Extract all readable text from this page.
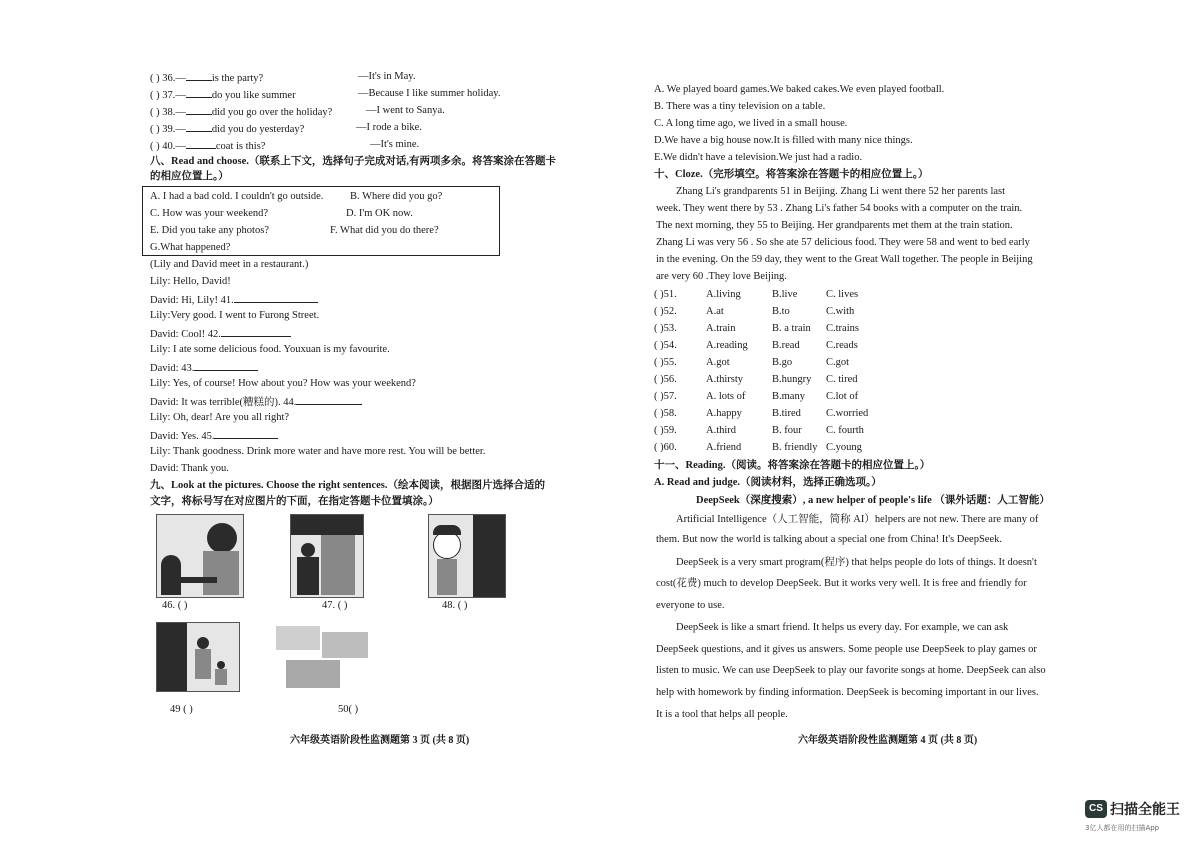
( ) 36.— is the party?	—It's in May.
( ) 37.— do you like summer	—Because I like summer holiday.
( ) 38.— did you go over the holiday?	—I went to Sanya.
( ) 39.— did you do yesterday?	—I rode a bike.
( ) 40.—	coat is this?	—It's mine.
八、Read and choose.（联系上下文，选择句子完成对话,有两项多余。将答案涂在答题卡
的相应位置上。）
A. I had a bad cold. I couldn't go outside.	B. Where did you go?
C. How was your weekend?	D. I'm OK now.
E. Did you take any photos?	F. What did you do there?
G.What happened?
(Lily and David meet in a restaurant.)
Lily: Hello, David!
David: Hi, Lily! 41.
Lily:Very good. I went to Furong Street.
David: Cool! 42.
Lily: I ate some delicious food. Youxuan is my favourite.
David: 43.
Lily: Yes, of course! How about you? How was your weekend?
David: It was terrible(糟糕的). 44.
Lily: Oh, dear! Are you all right?
David: Yes. 45.
Lily: Thank goodness. Drink more water and have more rest. You will be better.
David: Thank you.
九、Look at the pictures. Choose the right sentences.（绘本阅读，根据图片选择合适的
文字，将标号写在对应图片的下面，在指定答题卡位置填涂。）
46. ( )	47. ( )	48. ( )
49 ( )	50( )
六年级英语阶段性监测题第 3 页 (共 8 页)
A. We played board games.We baked cakes.We even played football.
B. There was a tiny television on a table.
C. A long time ago, we lived in a small house.
D.We have a big house now.It is filled with many nice things.
E.We didn't have a television.We just had a radio.
十、Cloze.（完形填空。将答案涂在答题卡的相应位置上。）
Zhang Li's grandparents 51 in Beijing. Zhang Li went there 52 her parents last
week. They went there by 53 . Zhang Li's father 54 books with a computer on the train.
The next morning, they 55 to Beijing. Her grandparents met them at the train station.
Zhang Li was very 56 . So she ate 57 delicious food. They were 58 and went to bed early
in the evening. On the 59 day, they went to the Great Wall together. The people in Beijing
are very 60 .They love Beijing.
( )51.	A.living	B.live	C. lives
( )52.	A.at	B.to	C.with
( )53.	A.train	B. a train C.trains
( )54.	A.reading B.read	C.reads
( )55.	A.got	B.go	C.got
( )56.	A.thirsty	B.hungry C. tired
( )57.	A. lots of	B.many C.lot of
( )58.	A.happy	B.tired C.worried
( )59.	A.third	B. four C. fourth
( )60.	A.friend	B. friendly C.young
十一、Reading.（阅读。将答案涂在答题卡的相应位置上。）
A. Read and judge.（阅读材料，选择正确选项。）
DeepSeek（深度搜索）, a new helper of people's life （课外话题：人工智能）
Artificial Intelligence（人工智能，简称 AI）helpers are not new. There are many of
them. But now the world is talking about a special one from China! It's DeepSeek.
DeepSeek is a very smart program(程序) that helps people do lots of things. It doesn't
cost(花费) much to develop DeepSeek. But it works very well. It is free and friendly for
everyone to use.
DeepSeek is like a smart friend. It helps us every day. For example, we can ask
DeepSeek questions, and it gives us answers. Some people use DeepSeek to play games or
listen to music. We can use DeepSeek to play our favorite songs at home. DeepSeek can also
help with homework by finding information. DeepSeek is becoming important in our lives.
It is a tool that helps all people.
六年级英语阶段性监测题第 4 页 (共 8 页)
CS 扫描全能王
3亿人都在用的扫描App
